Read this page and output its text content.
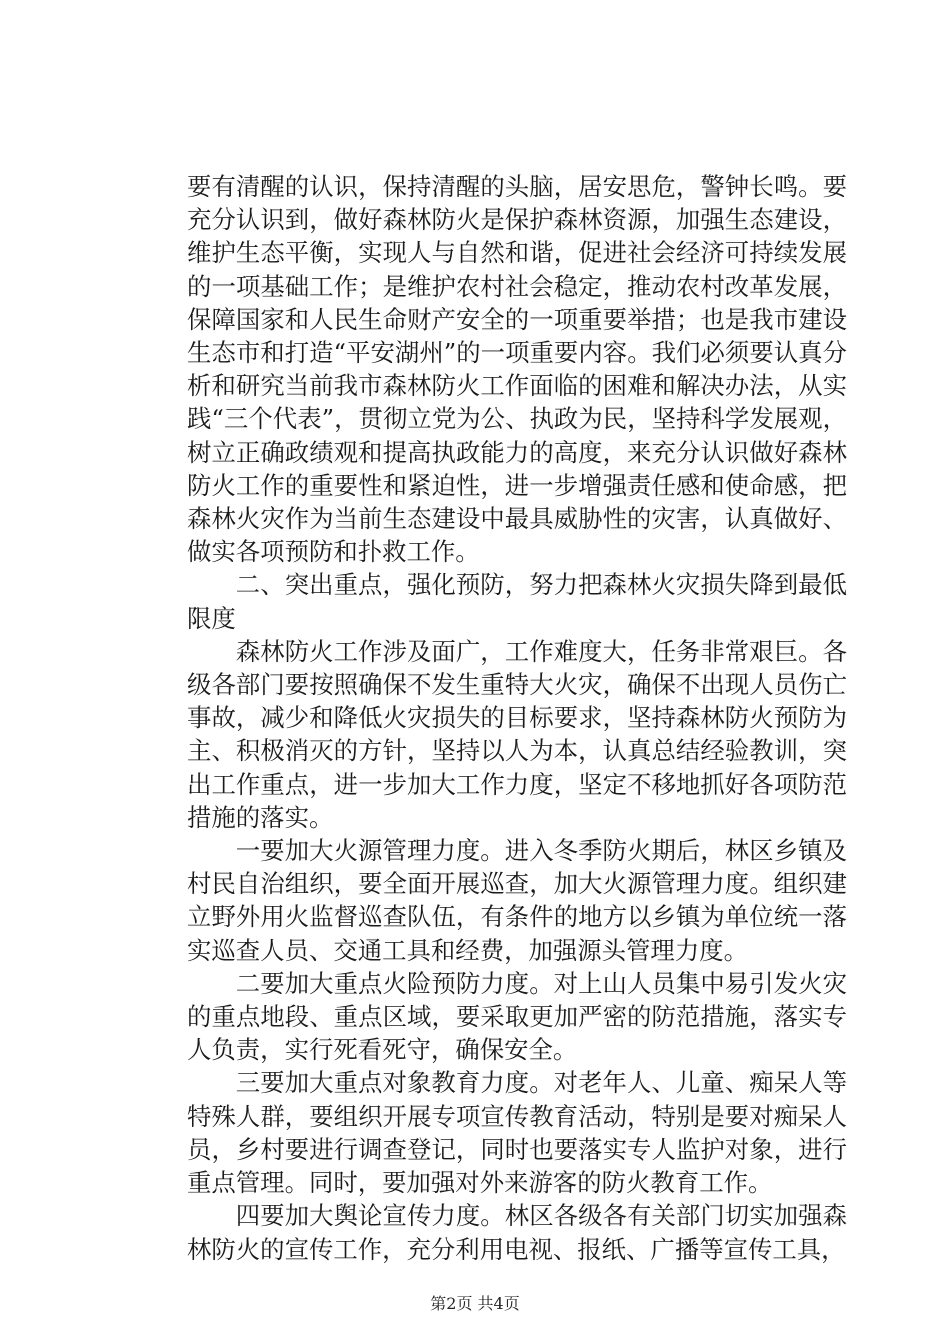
要有清醒的认识，保持清醒的头脑，居安思危，警钟长鸣。要充分认识到，做好森林防火是保护森林资源，加强生态建设，维护生态平衡，实现人与自然和谐，促进社会经济可持续发展的一项基础工作；是维护农村社会稳定，推动农村改革发展，保障国家和人民生命财产安全的一项重要举措；也是我市建设生态市和打造“平安湖州”的一项重要内容。我们必须要认真分析和研究当前我市森林防火工作面临的困难和解决办法，从实践“三个代表”，贯彻立党为公、执政为民，坚持科学发展观，树立正确政绩观和提高执政能力的高度，来充分认识做好森林防火工作的重要性和紧迫性，进一步增强责任感和使命感，把森林火灾作为当前生态建设中最具威胁性的灾害，认真做好、做实各项预防和扑救工作。

二、突出重点，强化预防，努力把森林火灾损失降到最低限度

森林防火工作涉及面广，工作难度大，任务非常艰巨。各级各部门要按照确保不发生重特大火灾，确保不出现人员伤亡事故，减少和降低火灾损失的目标要求，坚持森林防火预防为主、积极消灭的方针，坚持以人为本，认真总结经验教训，突出工作重点，进一步加大工作力度，坚定不移地抓好各项防范措施的落实。

一要加大火源管理力度。进入冬季防火期后，林区乡镇及村民自治组织，要全面开展巡查，加大火源管理力度。组织建立野外用火监督巡查队伍，有条件的地方以乡镇为单位统一落实巡查人员、交通工具和经费，加强源头管理力度。

二要加大重点火险预防力度。对上山人员集中易引发火灾的重点地段、重点区域，要采取更加严密的防范措施，落实专人负责，实行死看死守，确保安全。

三要加大重点对象教育力度。对老年人、儿童、痴呆人等特殊人群，要组织开展专项宣传教育活动，特别是要对痴呆人员，乡村要进行调查登记，同时也要落实专人监护对象，进行重点管理。同时，要加强对外来游客的防火教育工作。

四要加大舆论宣传力度。林区各级各有关部门切实加强森林防火的宣传工作，充分利用电视、报纸、广播等宣传工具，

第2页 共4页
